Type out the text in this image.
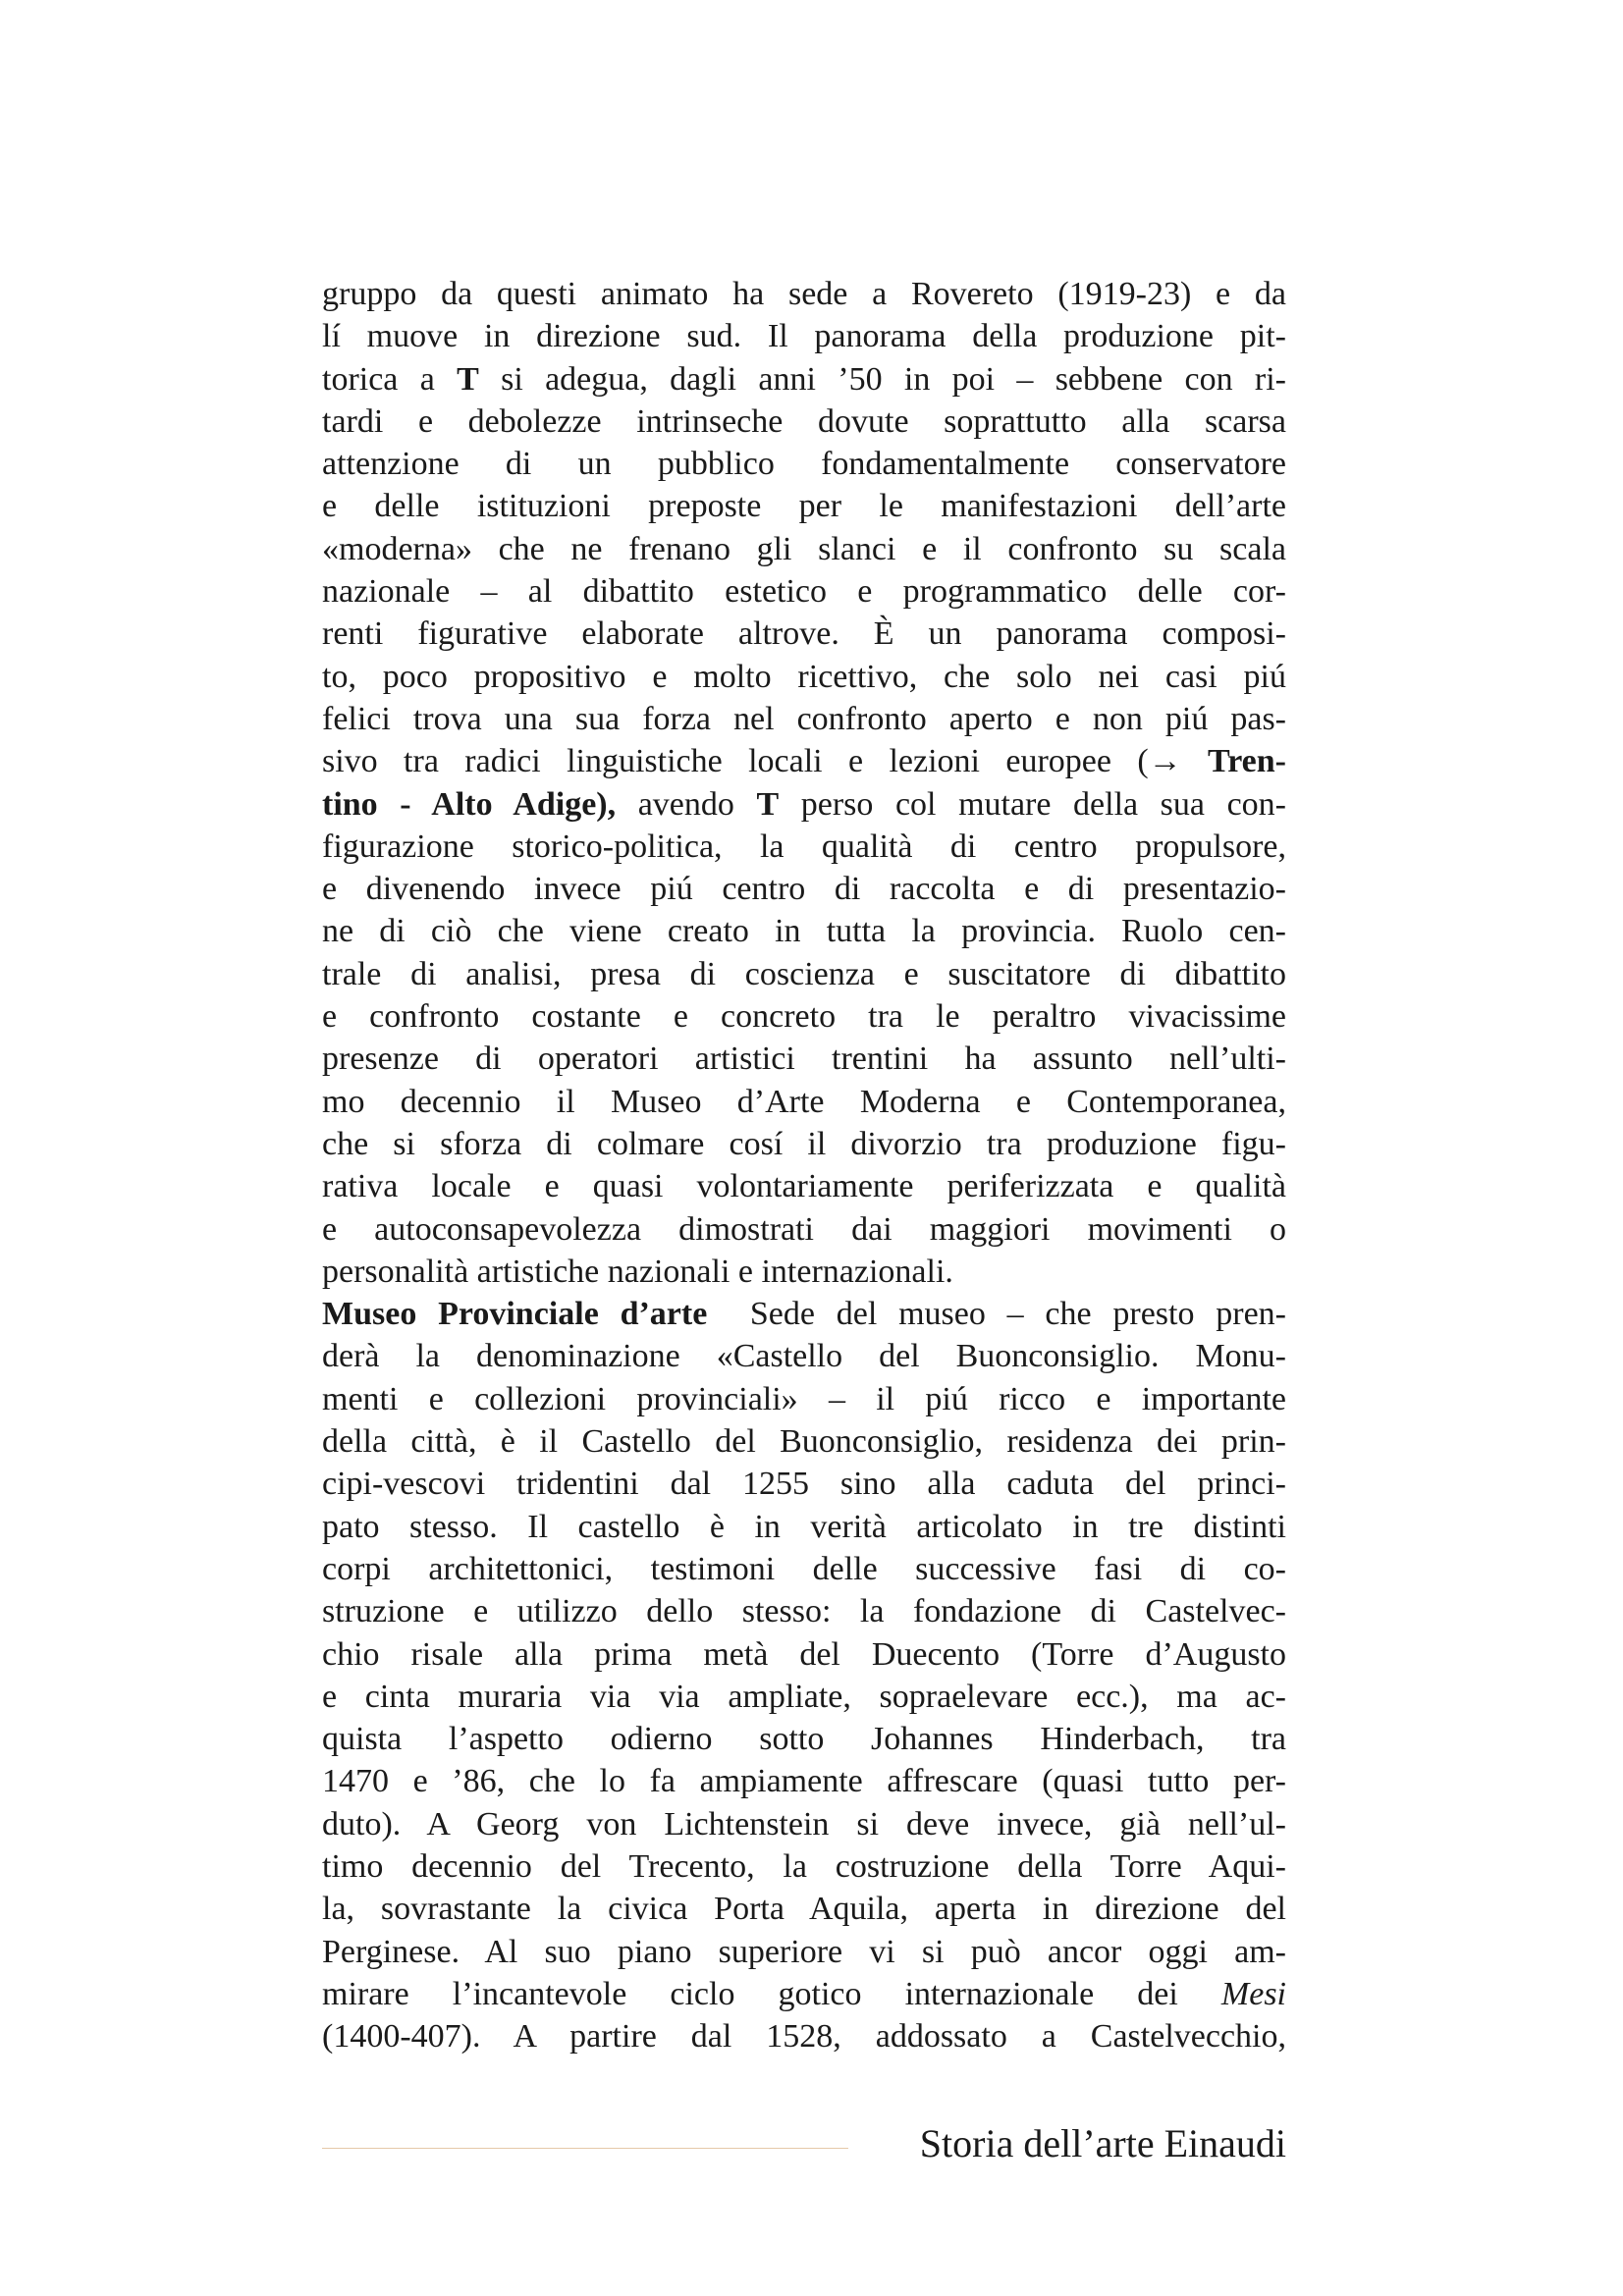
gruppo da questi animato ha sede a Rovereto (1919-23) e da
lí muove in direzione sud. Il panorama della produzione pit-
torica a T si adegua, dagli anni ’50 in poi – sebbene con ri-
tardi e debolezze intrinseche dovute soprattutto alla scarsa
attenzione di un pubblico fondamentalmente conservatore
e delle istituzioni preposte per le manifestazioni dell’arte
«moderna» che ne frenano gli slanci e il confronto su scala
nazionale – al dibattito estetico e programmatico delle cor-
renti figurative elaborate altrove. È un panorama composi-
to, poco propositivo e molto ricettivo, che solo nei casi piú
felici trova una sua forza nel confronto aperto e non piú pas-
sivo tra radici linguistiche locali e lezioni europee (→ Tren-
tino - Alto Adige), avendo T perso col mutare della sua con-
figurazione storico-politica, la qualità di centro propulsore,
e divenendo invece piú centro di raccolta e di presentazio-
ne di ciò che viene creato in tutta la provincia. Ruolo cen-
trale di analisi, presa di coscienza e suscitatore di dibattito
e confronto costante e concreto tra le peraltro vivacissime
presenze di operatori artistici trentini ha assunto nell’ulti-
mo decennio il Museo d’Arte Moderna e Contemporanea,
che si sforza di colmare cosí il divorzio tra produzione figu-
rativa locale e quasi volontariamente periferizzata e qualità
e autoconsapevolezza dimostrati dai maggiori movimenti o
personalità artistiche nazionali e internazionali.
Museo Provinciale d’arte  Sede del museo – che presto pren-
derà la denominazione «Castello del Buonconsiglio. Monu-
menti e collezioni provinciali» – il piú ricco e importante
della città, è il Castello del Buonconsiglio, residenza dei prin-
cipi-vescovi tridentini dal 1255 sino alla caduta del princi-
pato stesso. Il castello è in verità articolato in tre distinti
corpi architettonici, testimoni delle successive fasi di co-
struzione e utilizzo dello stesso: la fondazione di Castelvec-
chio risale alla prima metà del Duecento (Torre d’Augusto
e cinta muraria via via ampliate, sopraelevare ecc.), ma ac-
quista l’aspetto odierno sotto Johannes Hinderbach, tra
1470 e ’86, che lo fa ampiamente affrescare (quasi tutto per-
duto). A Georg von Lichtenstein si deve invece, già nell’ul-
timo decennio del Trecento, la costruzione della Torre Aqui-
la, sovrastante la civica Porta Aquila, aperta in direzione del
Perginese. Al suo piano superiore vi si può ancor oggi am-
mirare l’incantevole ciclo gotico internazionale dei Mesi
(1400-407). A partire dal 1528, addossato a Castelvecchio,
Storia dell’arte Einaudi
